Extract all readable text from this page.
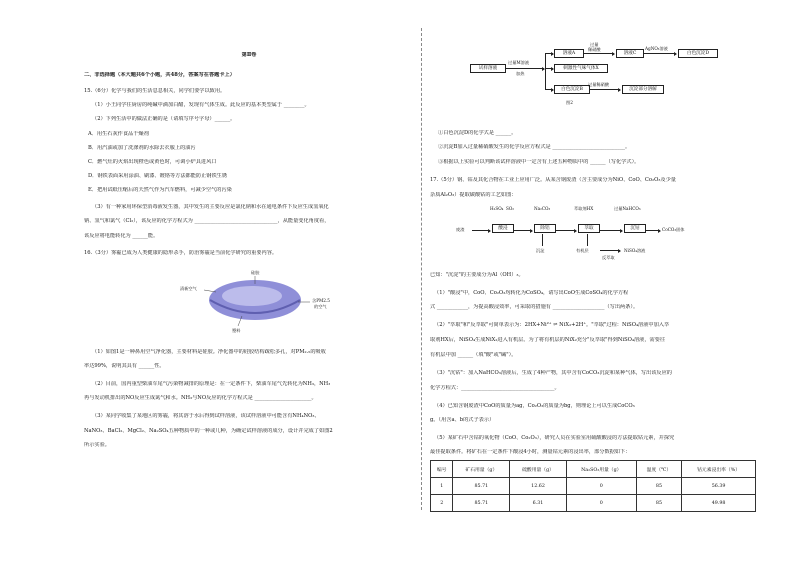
第Ⅱ卷
二、非选择题（本大题共6个小题，共48分，答案写在答题卡上）
15.（6分）化学与我们的生活息息相关，同学们要学以致用。
（1）小王同学往厨房的纯碱中滴加白醋，发现有气体生成。此反应的基本类型属于 ________。
（2）下列生活中的做法正确的是（请填写序号字母）______。
A．用生石灰作食品干燥剂
B．用汽油或加了洗涤剂的水除去衣服上的油污
C．燃气灶的火焰出现橙色或黄色时，可调小炉具进风口
D．钢铁表面采用涂油、刷漆、镀铬等方法都能防止钢铁生锈
E．把用试纸压缩后的天然气作为汽车燃料，可减少空气的污染
（3）有一种家用环保型消毒液发生器，其中发生的主要反应是氯化钠和水在通电条件下反应生成氢氧化
钠、氢气和氯气（Cl₂），该反应的化学方程式为 ________________________________，从能量变化角度看，
该反应将电能转化为 ______能。
16.（3分）雾霾已成为人类健康的隐形杀手，防治雾霾是当前化学研究的重要内容。
硅胶
清新空气
含PM2.5
的空气
塑料
（1）如图1是一种鼻用空气净化器，主要材料是硅胶。净化器中的硅胶结构疏松多孔，对PM₂.₅的吸收
率达99%，说明其具有 ______性。
（2）目前，国内重型柴油车尾气污染物减排的原理是：在一定条件下，柴油车尾气先转化为NH₃，NH₃
再与发动机排出的NO反应生成氮气和水。NH₃与NO反应的化学方程式是 ______________________。
（3）某同学收集了某地区的雾霾，将其溶于水后得到试样溶液，该试样溶液中可能含有NH₄NO₃、
NaNO₃、BaCl₂、MgCl₂、Na₂SO₄五种物质中的一种或几种，为确定试样溶液的成分，设计并完成了如图2
所示实验。
试样溶液
过量M溶液
加热
溶液A
刺激性气味气体X
白色沉淀B
过量
稀硝酸
溶液C
AgNO₃溶液
白色沉淀D
过量稀硝酸
沉淀部分溶解
图2
①白色沉淀D的化学式是 ______。
②沉淀B加入过量稀硝酸发生的化学反应方程式是 ____________________________。
③根据以上实验可以判断该试样溶液中一定含有上述五种物质中的 ______（写化学式）。
17.（5分）钢、钴及其化合物在工业上应用广泛。从某含钢废渣（含主要成分为NiO、CoO、Co₂O₃及少量
杂质Al₂O₃）提取碳酸钴的工艺如图：
H₂SO₄ SO₂	Na₂CO₃	萃取剂HX	过量NaHCO₃
废渣	酸浸	除铝	萃取	沉钴	CoCO₃固体
沉淀	有机层
反萃取
NiSO₄溶液
已知："沉淀"的主要成分为Al（OH）₃。
（1）"酸浸"中，CoO、Co₂O₃均转化为CoSO₄，请写出CoO生成CoSO₄的化学方程
式 ____________，为提高酸浸效率，可采取的措施有 ____________________（写出两条）。
（2）"萃取"和"反萃取"可简单表示为：2HX+Ni²⁺ ⇌ NiX₂+2H⁺。"萃取"过程：NiSO₄溶液中加入萃
取剂HX后，NiSO₄生成NiX₂进入有机层。为了将有机层的NiX₂充分"反萃取"得到NiSO₄溶液，需要往
有机层中加 ______（填"酸"或"碱"）。
（3）"沉钴"：加入NaHCO₃溶液后，生成了4种产物，其中含有CoCO₃沉淀和某种气体，写出该反应的
化学方程式：____________________________________。
（4）已知含钢废渣中CoO的质量为ag，Co₂O₃的质量为bg，则理论上可以生成CoCO₃
g。（用含a、b的式子表示）
（5）某矿石中含钴的氧化物（CoO、Co₂O₃），研究人员在实验室用硫酸酸浸的方法提取钴元素，并探究
最佳提取条件。将矿石在一定条件下酸浸4小时，测量钴元素的浸出率，部分数据如下：
编号	矿石用量（g）	硫酸用量（g）	Na₂SO₃用量（g）	温度（℃）	钴元素浸出率（%）
1	85.71	12.62	0	85	56.39
2	85.71	6.31	0	85	49.98
